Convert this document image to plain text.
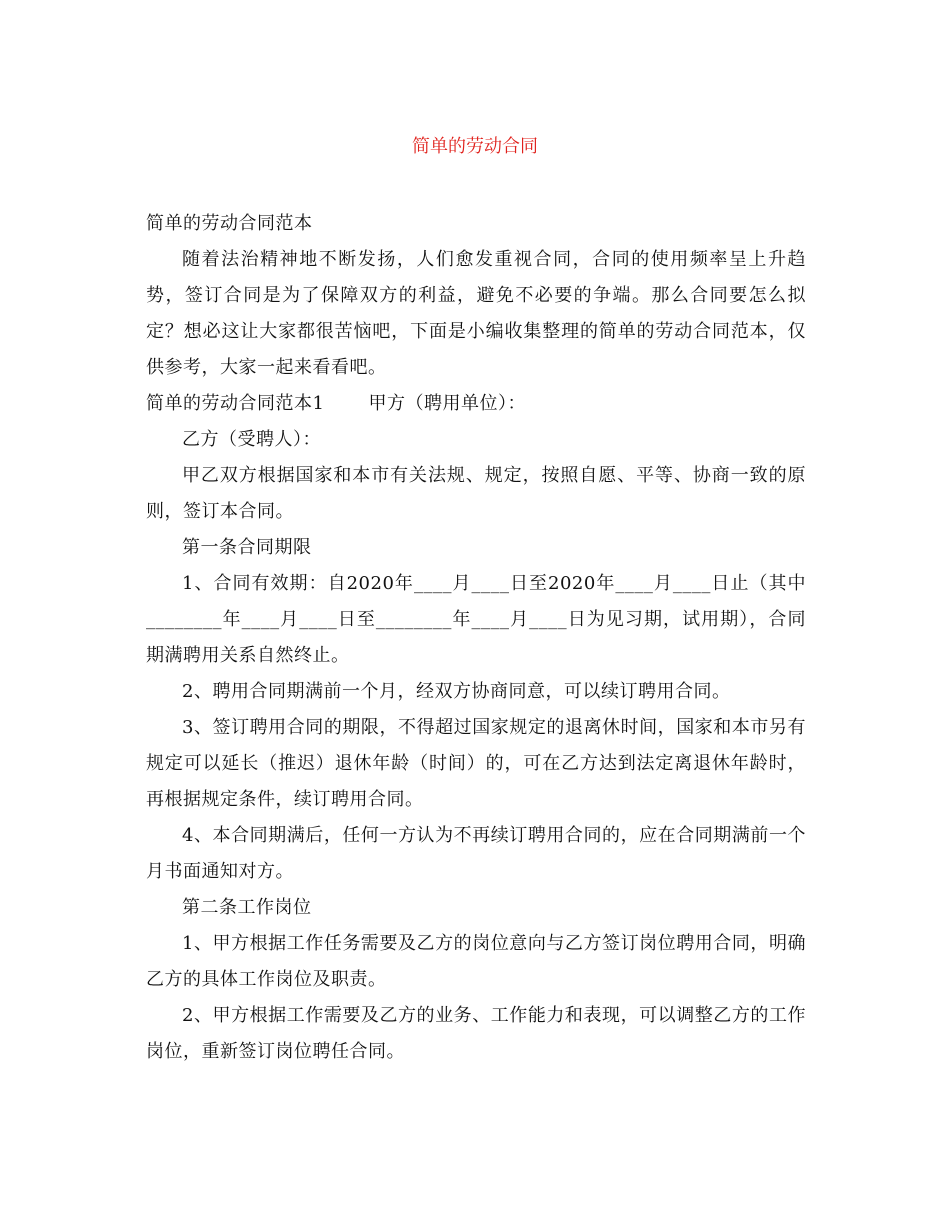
简单的劳动合同

简单的劳动合同范本

随着法治精神地不断发扬，人们愈发重视合同，合同的使用频率呈上升趋势，签订合同是为了保障双方的利益，避免不必要的争端。那么合同要怎么拟定？想必这让大家都很苦恼吧，下面是小编收集整理的简单的劳动合同范本，仅供参考，大家一起来看看吧。

简单的劳动合同范本1 甲方（聘用单位）：

乙方（受聘人）：

甲乙双方根据国家和本市有关法规、规定，按照自愿、平等、协商一致的原则，签订本合同。

第一条合同期限

1、合同有效期：自2020年____月____日至2020年____月____日止（其中________年____月____日至________年____月____日为见习期，试用期），合同期满聘用关系自然终止。

2、聘用合同期满前一个月，经双方协商同意，可以续订聘用合同。

3、签订聘用合同的期限，不得超过国家规定的退离休时间，国家和本市另有规定可以延长（推迟）退休年龄（时间）的，可在乙方达到法定离退休年龄时，再根据规定条件，续订聘用合同。

4、本合同期满后，任何一方认为不再续订聘用合同的，应在合同期满前一个月书面通知对方。

第二条工作岗位

1、甲方根据工作任务需要及乙方的岗位意向与乙方签订岗位聘用合同，明确乙方的具体工作岗位及职责。

2、甲方根据工作需要及乙方的业务、工作能力和表现，可以调整乙方的工作岗位，重新签订岗位聘任合同。
